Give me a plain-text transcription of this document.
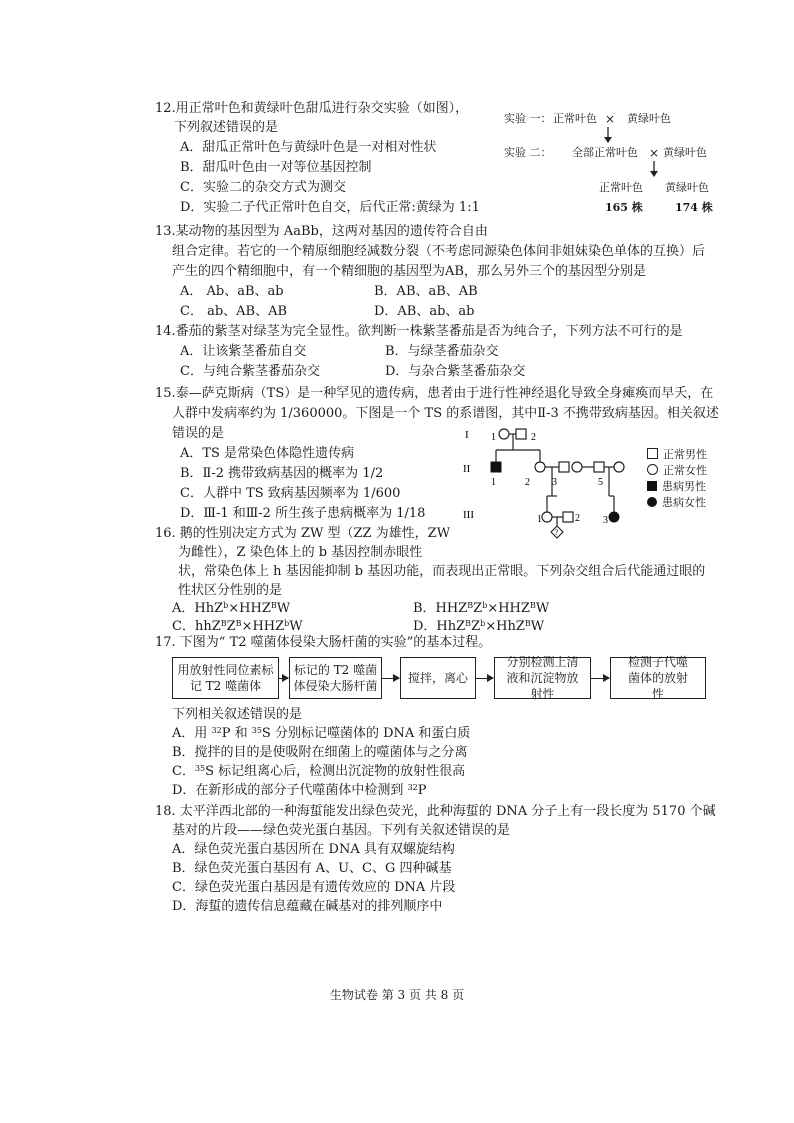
12.用正常叶色和黄绿叶色甜瓜进行杂交实验（如图），
下列叙述错误的是
A．甜瓜正常叶色与黄绿叶色是一对相对性状
B．甜瓜叶色由一对等位基因控制
C．实验二的杂交方式为测交
D．实验二子代正常叶色自交，后代正常:黄绿为 1:1
实验 一： 正常叶色 × 黄绿叶色
实验 二： 全部正常叶色 × 黄绿叶色
正常叶色 黄绿叶色
165 株	174 株
13.某动物的基因型为 AaBb，这两对基因的遗传符合自由
组合定律。若它的一个精原细胞经减数分裂（不考虑同源染色体间非姐妹染色单体的互换）后
产生的四个精细胞中，有一个精细胞的基因型为AB，那么另外三个的基因型分别是
A． Ab、aB、ab	B．AB、aB、AB
C． ab、AB、AB	D．AB、ab、ab
14.番茄的紫茎对绿茎为完全显性。欲判断一株紫茎番茄是否为纯合子，下列方法不可行的是
A．让该紫茎番茄自交	B．与绿茎番茄杂交
C．与纯合紫茎番茄杂交	D．与杂合紫茎番茄杂交
15.泰—萨克斯病（TS）是一种罕见的遗传病，患者由于进行性神经退化导致全身瘫痪而早夭，在
人群中发病率约为 1/360000。下图是一个 TS 的系谱图，其中Ⅱ-3 不携带致病基因。相关叙述
错误的是
A．TS 是常染色体隐性遗传病
B．Ⅱ-2 携带致病基因的概率为 1/2
C．人群中 TS 致病基因频率为 1/600
D．Ⅲ-1 和Ⅲ-2 所生孩子患病概率为 1/18
I
II
III
1	2
1	2 3	5
1	2
?
3
正常男性
正常女性
患病男性
患病女性
16. 鹅的性别决定方式为 ZW 型（ZZ 为雄性，ZW
为雌性），Z 染色体上的 b 基因控制赤眼性
状，常染色体上 h 基因能抑制 b 基因功能，而表现出正常眼。下列杂交组合后代能通过眼的
性状区分性别的是
A．$HhZ^b\times HHZ^BW$	B．$HHZ^BZ^b\times HHZ^BW$
C．$hhZ^BZ^B\times HHZ^bW$	D．$HhZ^BZ^b\times HhZ^BW$
17. 下图为“ T2 噬菌体侵染大肠杆菌的实验”的基本过程。
用放射性同位素标记 T2 噬菌体
标记的 T2 噬菌体侵染大肠杆菌
搅拌，离心
分别检测上清液和沉淀物放射性
检测子代噬菌体的放射性
下列相关叙述错误的是
A．用 $^{32}$P 和 $^{35}$S 分别标记噬菌体的 DNA 和蛋白质
B．搅拌的目的是使吸附在细菌上的噬菌体与之分离
C．$^{35}$S 标记组离心后，检测出沉淀物的放射性很高
D．在新形成的部分子代噬菌体中检测到 $^{32}$P
18. 太平洋西北部的一种海蜇能发出绿色荧光，此种海蜇的 DNA 分子上有一段长度为 5170 个碱
基对的片段——绿色荧光蛋白基因。下列有关叙述错误的是
A．绿色荧光蛋白基因所在 DNA 具有双螺旋结构
B．绿色荧光蛋白基因有 A、U、C、G 四种碱基
C．绿色荧光蛋白基因是有遗传效应的 DNA 片段
D．海蜇的遗传信息蕴藏在碱基对的排列顺序中
生物试卷 第 3 页 共 8 页
